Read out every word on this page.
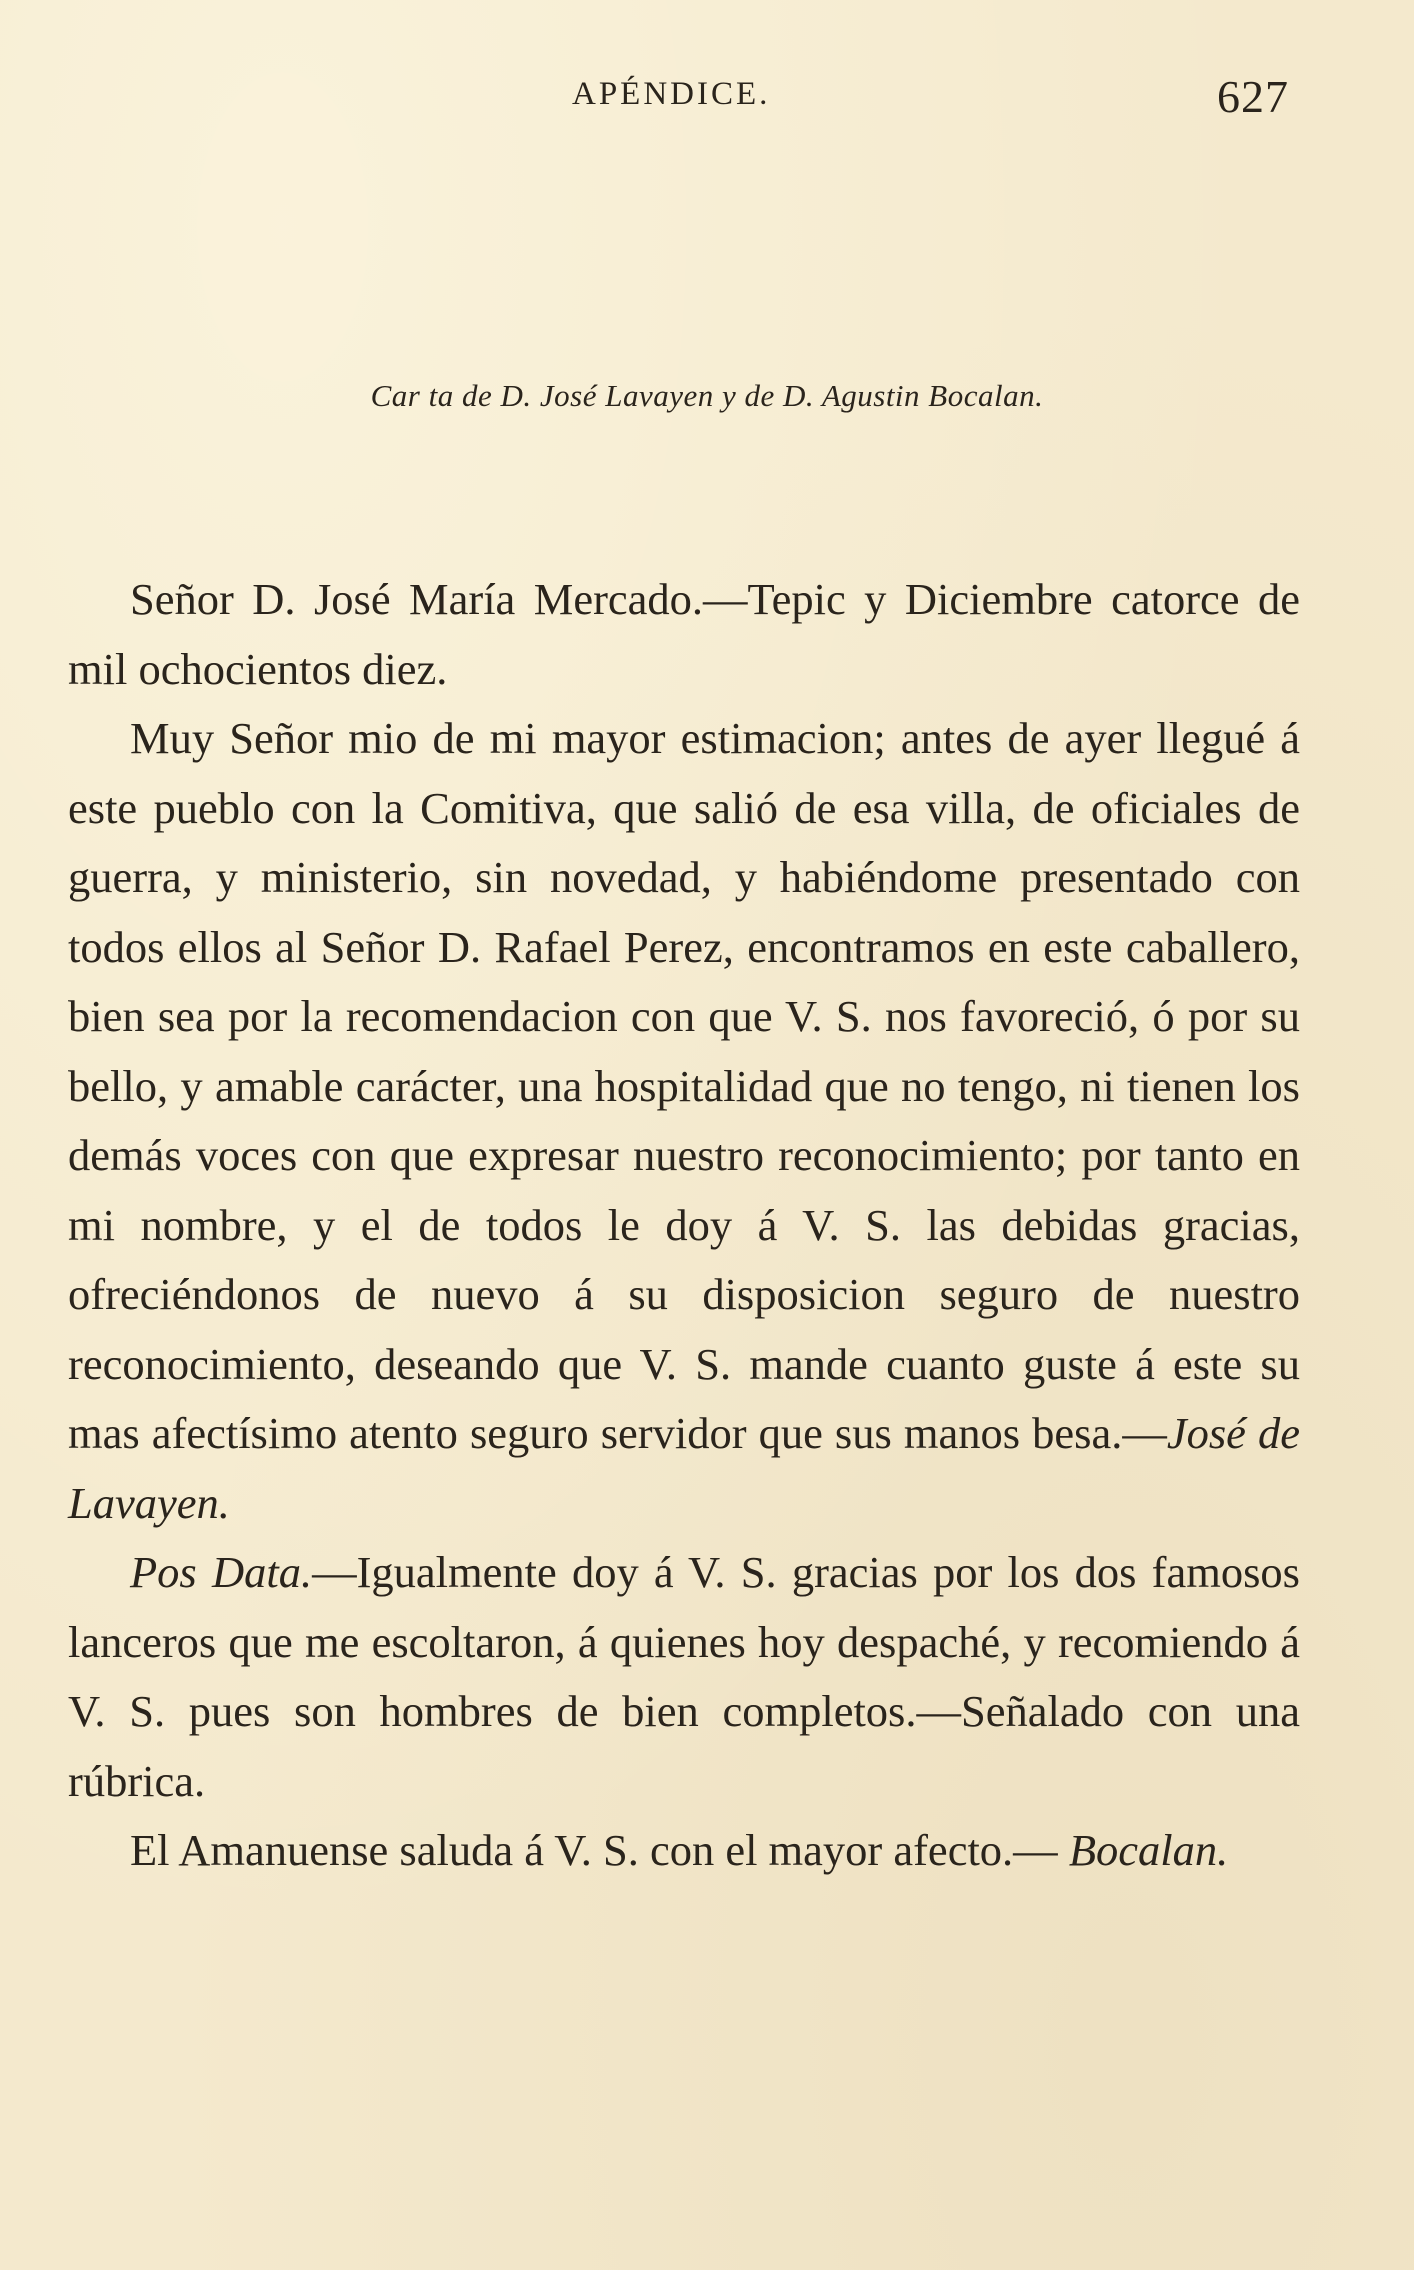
APÉNDICE.	627
Car ta de D. José Lavayen y de D. Agustin Bocalan.

Señor D. José María Mercado.—Tepic y Diciembre catorce de mil ochocientos diez.

Muy Señor mio de mi mayor estimacion; antes de ayer llegué á este pueblo con la Comitiva, que salió de esa villa, de oficiales de guerra, y ministerio, sin novedad, y habiéndome presentado con todos ellos al Señor D. Rafael Perez, encontramos en este caballero, bien sea por la recomendacion con que V. S. nos favoreció, ó por su bello, y amable carácter, una hospitalidad que no tengo, ni tienen los demás voces con que expresar nuestro reconocimiento; por tanto en mi nombre, y el de todos le doy á V. S. las debidas gracias, ofreciéndonos de nuevo á su disposicion seguro de nuestro reconocimiento, deseando que V. S. mande cuanto guste á este su mas afectísimo atento seguro servidor que sus manos besa.—José de Lavayen.

Pos Data.—Igualmente doy á V. S. gracias por los dos famosos lanceros que me escoltaron, á quienes hoy despaché, y recomiendo á V. S. pues son hombres de bien completos.—Señalado con una rúbrica.

El Amanuense saluda á V. S. con el mayor afecto.— Bocalan.
